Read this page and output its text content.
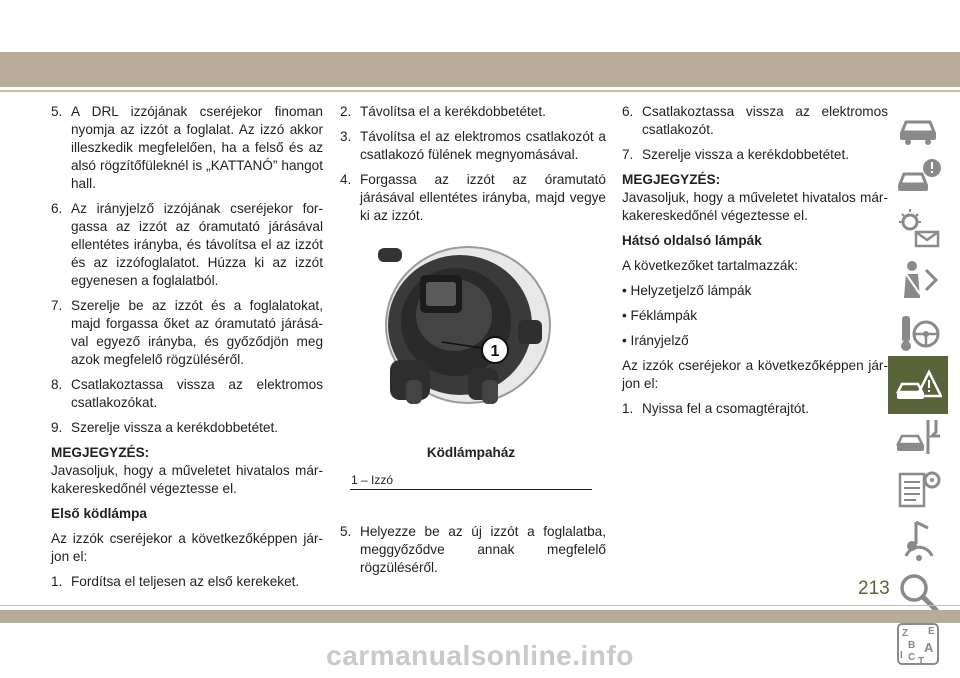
5. A DRL izzójának cseréjekor finoman nyomja az izzót a foglalat. Az izzó akkor illeszkedik megfelelően, ha a felső és az alsó rögzítőfüleknél is „KATTANÓ” hangot hall.
6. Az irányjelző izzójának cseréjekor forgassa az izzót az óramutató járásával ellentétes irányba, és távolítsa el az izzót és az izzófoglalatot. Húzza ki az izzót egyenesen a foglalatból.
7. Szerelje be az izzót és a foglalatokat, majd forgassa őket az óramutató járásával egyező irányba, és győződjön meg azok megfelelő rögzüléséről.
8. Csatlakoztassa vissza az elektromos csatlakozókat.
9. Szerelje vissza a kerékdobbetétet.
MEGJEGYZÉS:
Javasoljuk, hogy a műveletet hivatalos márkakereskedőnél végeztesse el.
Első ködlámpa
Az izzók cseréjekor a következőképpen járjon el:
1. Fordítsa el teljesen az első kerekeket.
2. Távolítsa el a kerékdobbetétet.
3. Távolítsa el az elektromos csatlakozót a csatlakozó fülének megnyomásával.
4. Forgassa az izzót az óramutató járásával ellentétes irányba, majd vegye ki az izzót.
1
Ködlámpaház
1 – Izzó
5. Helyezze be az új izzót a foglalatba, meggyőződve annak megfelelő rögzüléséről.
6. Csatlakoztassa vissza az elektromos csatlakozót.
7. Szerelje vissza a kerékdobbetétet.
MEGJEGYZÉS:
Javasoljuk, hogy a műveletet hivatalos márkakereskedőnél végeztesse el.
Hátsó oldalsó lámpák
A következőket tartalmazzák:
• Helyzetjelző lámpák
• Féklámpák
• Irányjelző
Az izzók cseréjekor a következőképpen járjon el:
1. Nyissa fel a csomagtérajtót.
Z E
B A
I C T
213
carmanualsonline.info
